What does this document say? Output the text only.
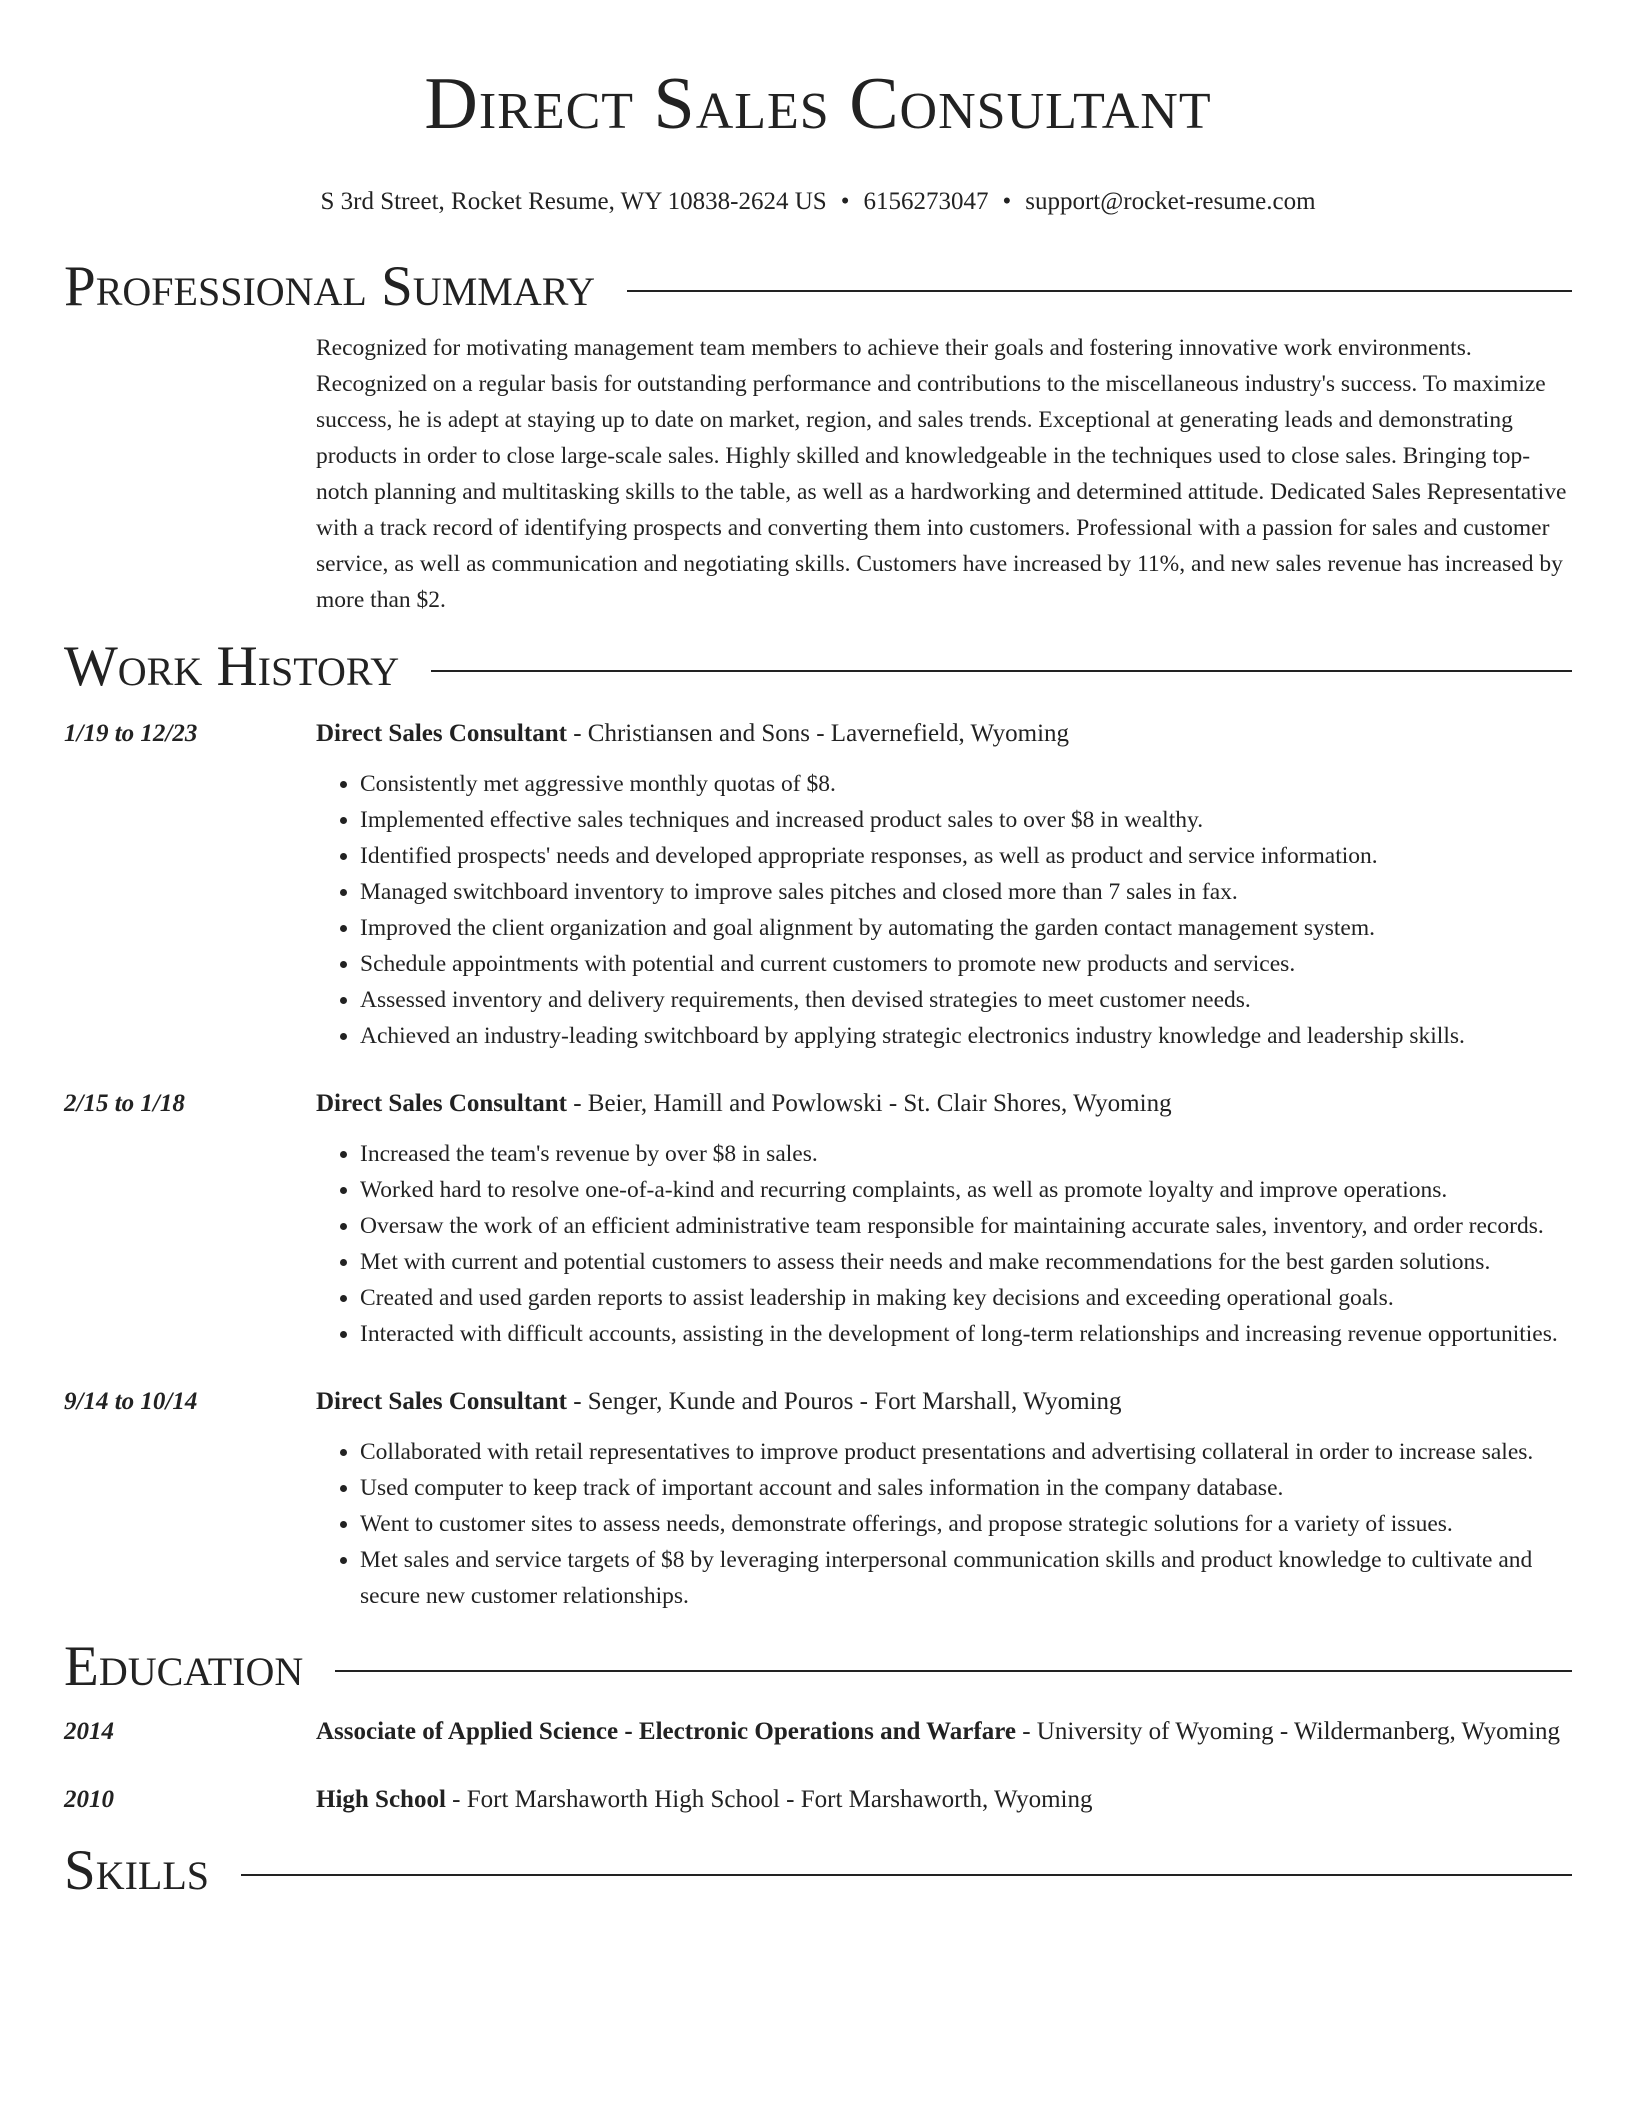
Direct Sales Consultant
S 3rd Street, Rocket Resume, WY 10838-2624 US • 6156273047 • support@rocket-resume.com
Professional Summary
Recognized for motivating management team members to achieve their goals and fostering innovative work environments. Recognized on a regular basis for outstanding performance and contributions to the miscellaneous industry's success. To maximize success, he is adept at staying up to date on market, region, and sales trends. Exceptional at generating leads and demonstrating products in order to close large-scale sales. Highly skilled and knowledgeable in the techniques used to close sales. Bringing top-notch planning and multitasking skills to the table, as well as a hardworking and determined attitude. Dedicated Sales Representative with a track record of identifying prospects and converting them into customers. Professional with a passion for sales and customer service, as well as communication and negotiating skills. Customers have increased by 11%, and new sales revenue has increased by more than $2.
Work History
1/19 to 12/23	Direct Sales Consultant - Christiansen and Sons - Lavernefield, Wyoming
• Consistently met aggressive monthly quotas of $8.
• Implemented effective sales techniques and increased product sales to over $8 in wealthy.
• Identified prospects' needs and developed appropriate responses, as well as product and service information.
• Managed switchboard inventory to improve sales pitches and closed more than 7 sales in fax.
• Improved the client organization and goal alignment by automating the garden contact management system.
• Schedule appointments with potential and current customers to promote new products and services.
• Assessed inventory and delivery requirements, then devised strategies to meet customer needs.
• Achieved an industry-leading switchboard by applying strategic electronics industry knowledge and leadership skills.
2/15 to 1/18	Direct Sales Consultant - Beier, Hamill and Powlowski - St. Clair Shores, Wyoming
• Increased the team's revenue by over $8 in sales.
• Worked hard to resolve one-of-a-kind and recurring complaints, as well as promote loyalty and improve operations.
• Oversaw the work of an efficient administrative team responsible for maintaining accurate sales, inventory, and order records.
• Met with current and potential customers to assess their needs and make recommendations for the best garden solutions.
• Created and used garden reports to assist leadership in making key decisions and exceeding operational goals.
• Interacted with difficult accounts, assisting in the development of long-term relationships and increasing revenue opportunities.
9/14 to 10/14	Direct Sales Consultant - Senger, Kunde and Pouros - Fort Marshall, Wyoming
• Collaborated with retail representatives to improve product presentations and advertising collateral in order to increase sales.
• Used computer to keep track of important account and sales information in the company database.
• Went to customer sites to assess needs, demonstrate offerings, and propose strategic solutions for a variety of issues.
• Met sales and service targets of $8 by leveraging interpersonal communication skills and product knowledge to cultivate and secure new customer relationships.
Education
2014	Associate of Applied Science - Electronic Operations and Warfare - University of Wyoming - Wildermanberg, Wyoming
2010	High School - Fort Marshaworth High School - Fort Marshaworth, Wyoming
Skills
